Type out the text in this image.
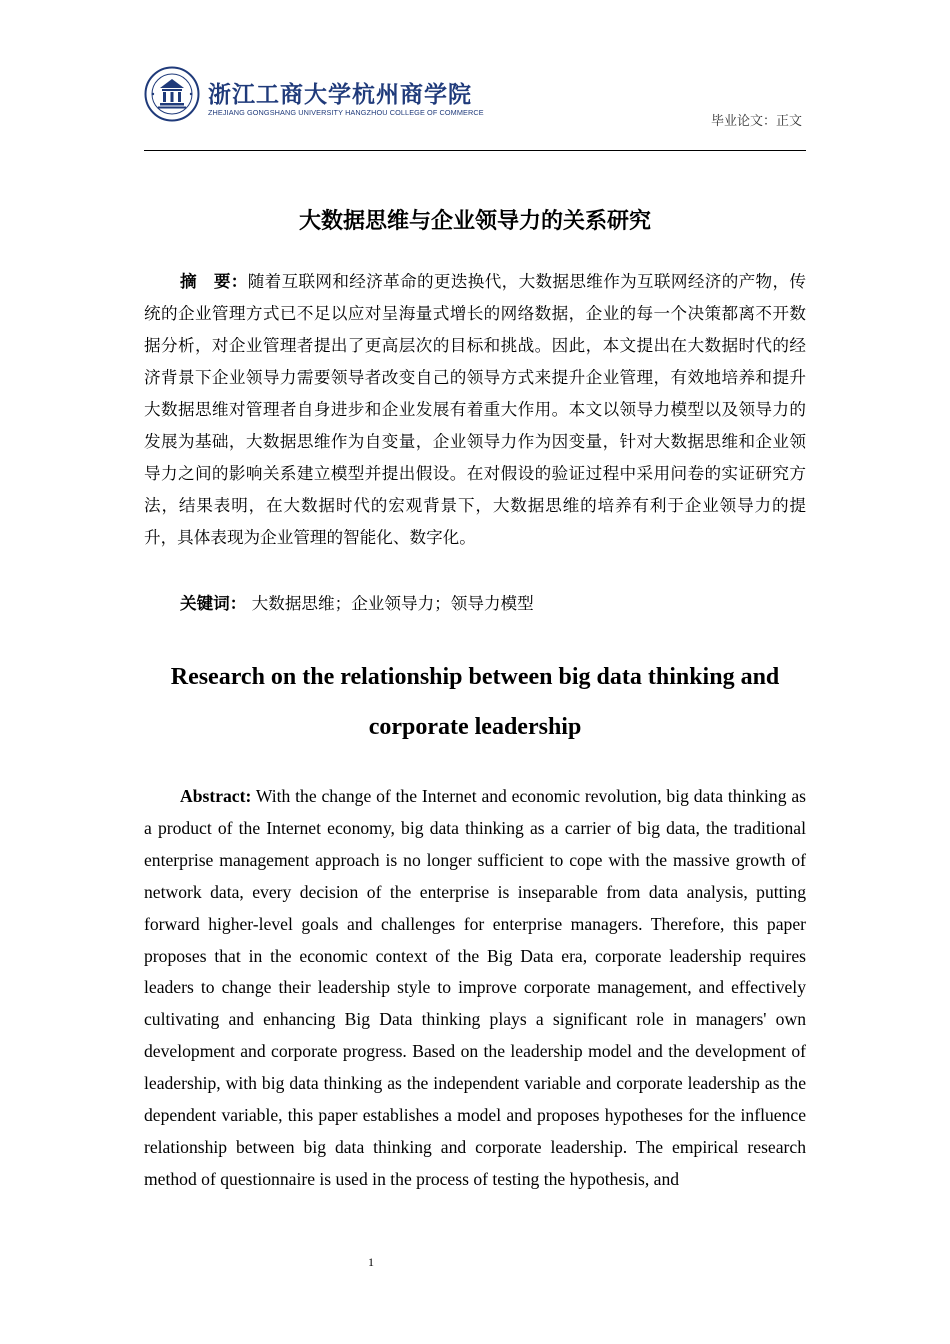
浙江工商大学杭州商学院
ZHEJIANG GONGSHANG UNIVERSITY HANGZHOU COLLEGE OF COMMERCE
毕业论文：正文
大数据思维与企业领导力的关系研究

摘　要：随着互联网和经济革命的更迭换代，大数据思维作为互联网经济的产物，传统的企业管理方式已不足以应对呈海量式增长的网络数据，企业的每一个决策都离不开数据分析，对企业管理者提出了更高层次的目标和挑战。因此，本文提出在大数据时代的经济背景下企业领导力需要领导者改变自己的领导方式来提升企业管理，有效地培养和提升大数据思维对管理者自身进步和企业发展有着重大作用。本文以领导力模型以及领导力的发展为基础，大数据思维作为自变量，企业领导力作为因变量，针对大数据思维和企业领导力之间的影响关系建立模型并提出假设。在对假设的验证过程中采用问卷的实证研究方法，结果表明，在大数据时代的宏观背景下，大数据思维的培养有利于企业领导力的提升，具体表现为企业管理的智能化、数字化。

关键词： 大数据思维；企业领导力；领导力模型

Research on the relationship between big data thinking and corporate leadership

Abstract: With the change of the Internet and economic revolution, big data thinking as a product of the Internet economy, big data thinking as a carrier of big data, the traditional enterprise management approach is no longer sufficient to cope with the massive growth of network data, every decision of the enterprise is inseparable from data analysis, putting forward higher-level goals and challenges for enterprise managers. Therefore, this paper proposes that in the economic context of the Big Data era, corporate leadership requires leaders to change their leadership style to improve corporate management, and effectively cultivating and enhancing Big Data thinking plays a significant role in managers' own development and corporate progress. Based on the leadership model and the development of leadership, with big data thinking as the independent variable and corporate leadership as the dependent variable, this paper establishes a model and proposes hypotheses for the influence relationship between big data thinking and corporate leadership. The empirical research method of questionnaire is used in the process of testing the hypothesis, and

1
